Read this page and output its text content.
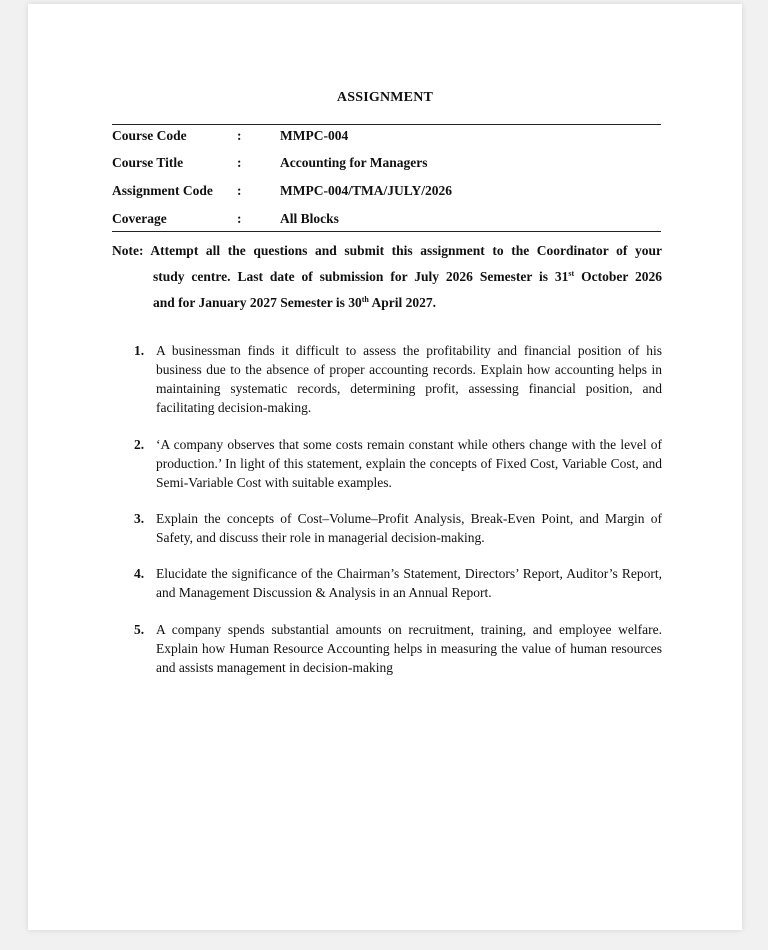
ASSIGNMENT
Course Code	:	MMPC-004
Course Title	:	Accounting for Managers
Assignment Code :	MMPC-004/TMA/JULY/2026
Coverage	:	All Blocks
Note: Attempt all the questions and submit this assignment to the Coordinator of your
study centre. Last date of submission for July 2026 Semester is 31st October 2026
and for January 2027 Semester is 30th April 2027.
1. A businessman finds it difficult to assess the profitability and financial position of his business due to the absence of proper accounting records. Explain how accounting helps in maintaining systematic records, determining profit, assessing financial position, and facilitating decision-making.
2. ‘A company observes that some costs remain constant while others change with the level of production.’ In light of this statement, explain the concepts of Fixed Cost, Variable Cost, and Semi-Variable Cost with suitable examples.
3. Explain the concepts of Cost–Volume–Profit Analysis, Break-Even Point, and Margin of Safety, and discuss their role in managerial decision-making.
4. Elucidate the significance of the Chairman’s Statement, Directors’ Report, Auditor’s Report, and Management Discussion & Analysis in an Annual Report.
5. A company spends substantial amounts on recruitment, training, and employee welfare. Explain how Human Resource Accounting helps in measuring the value of human resources and assists management in decision-making
